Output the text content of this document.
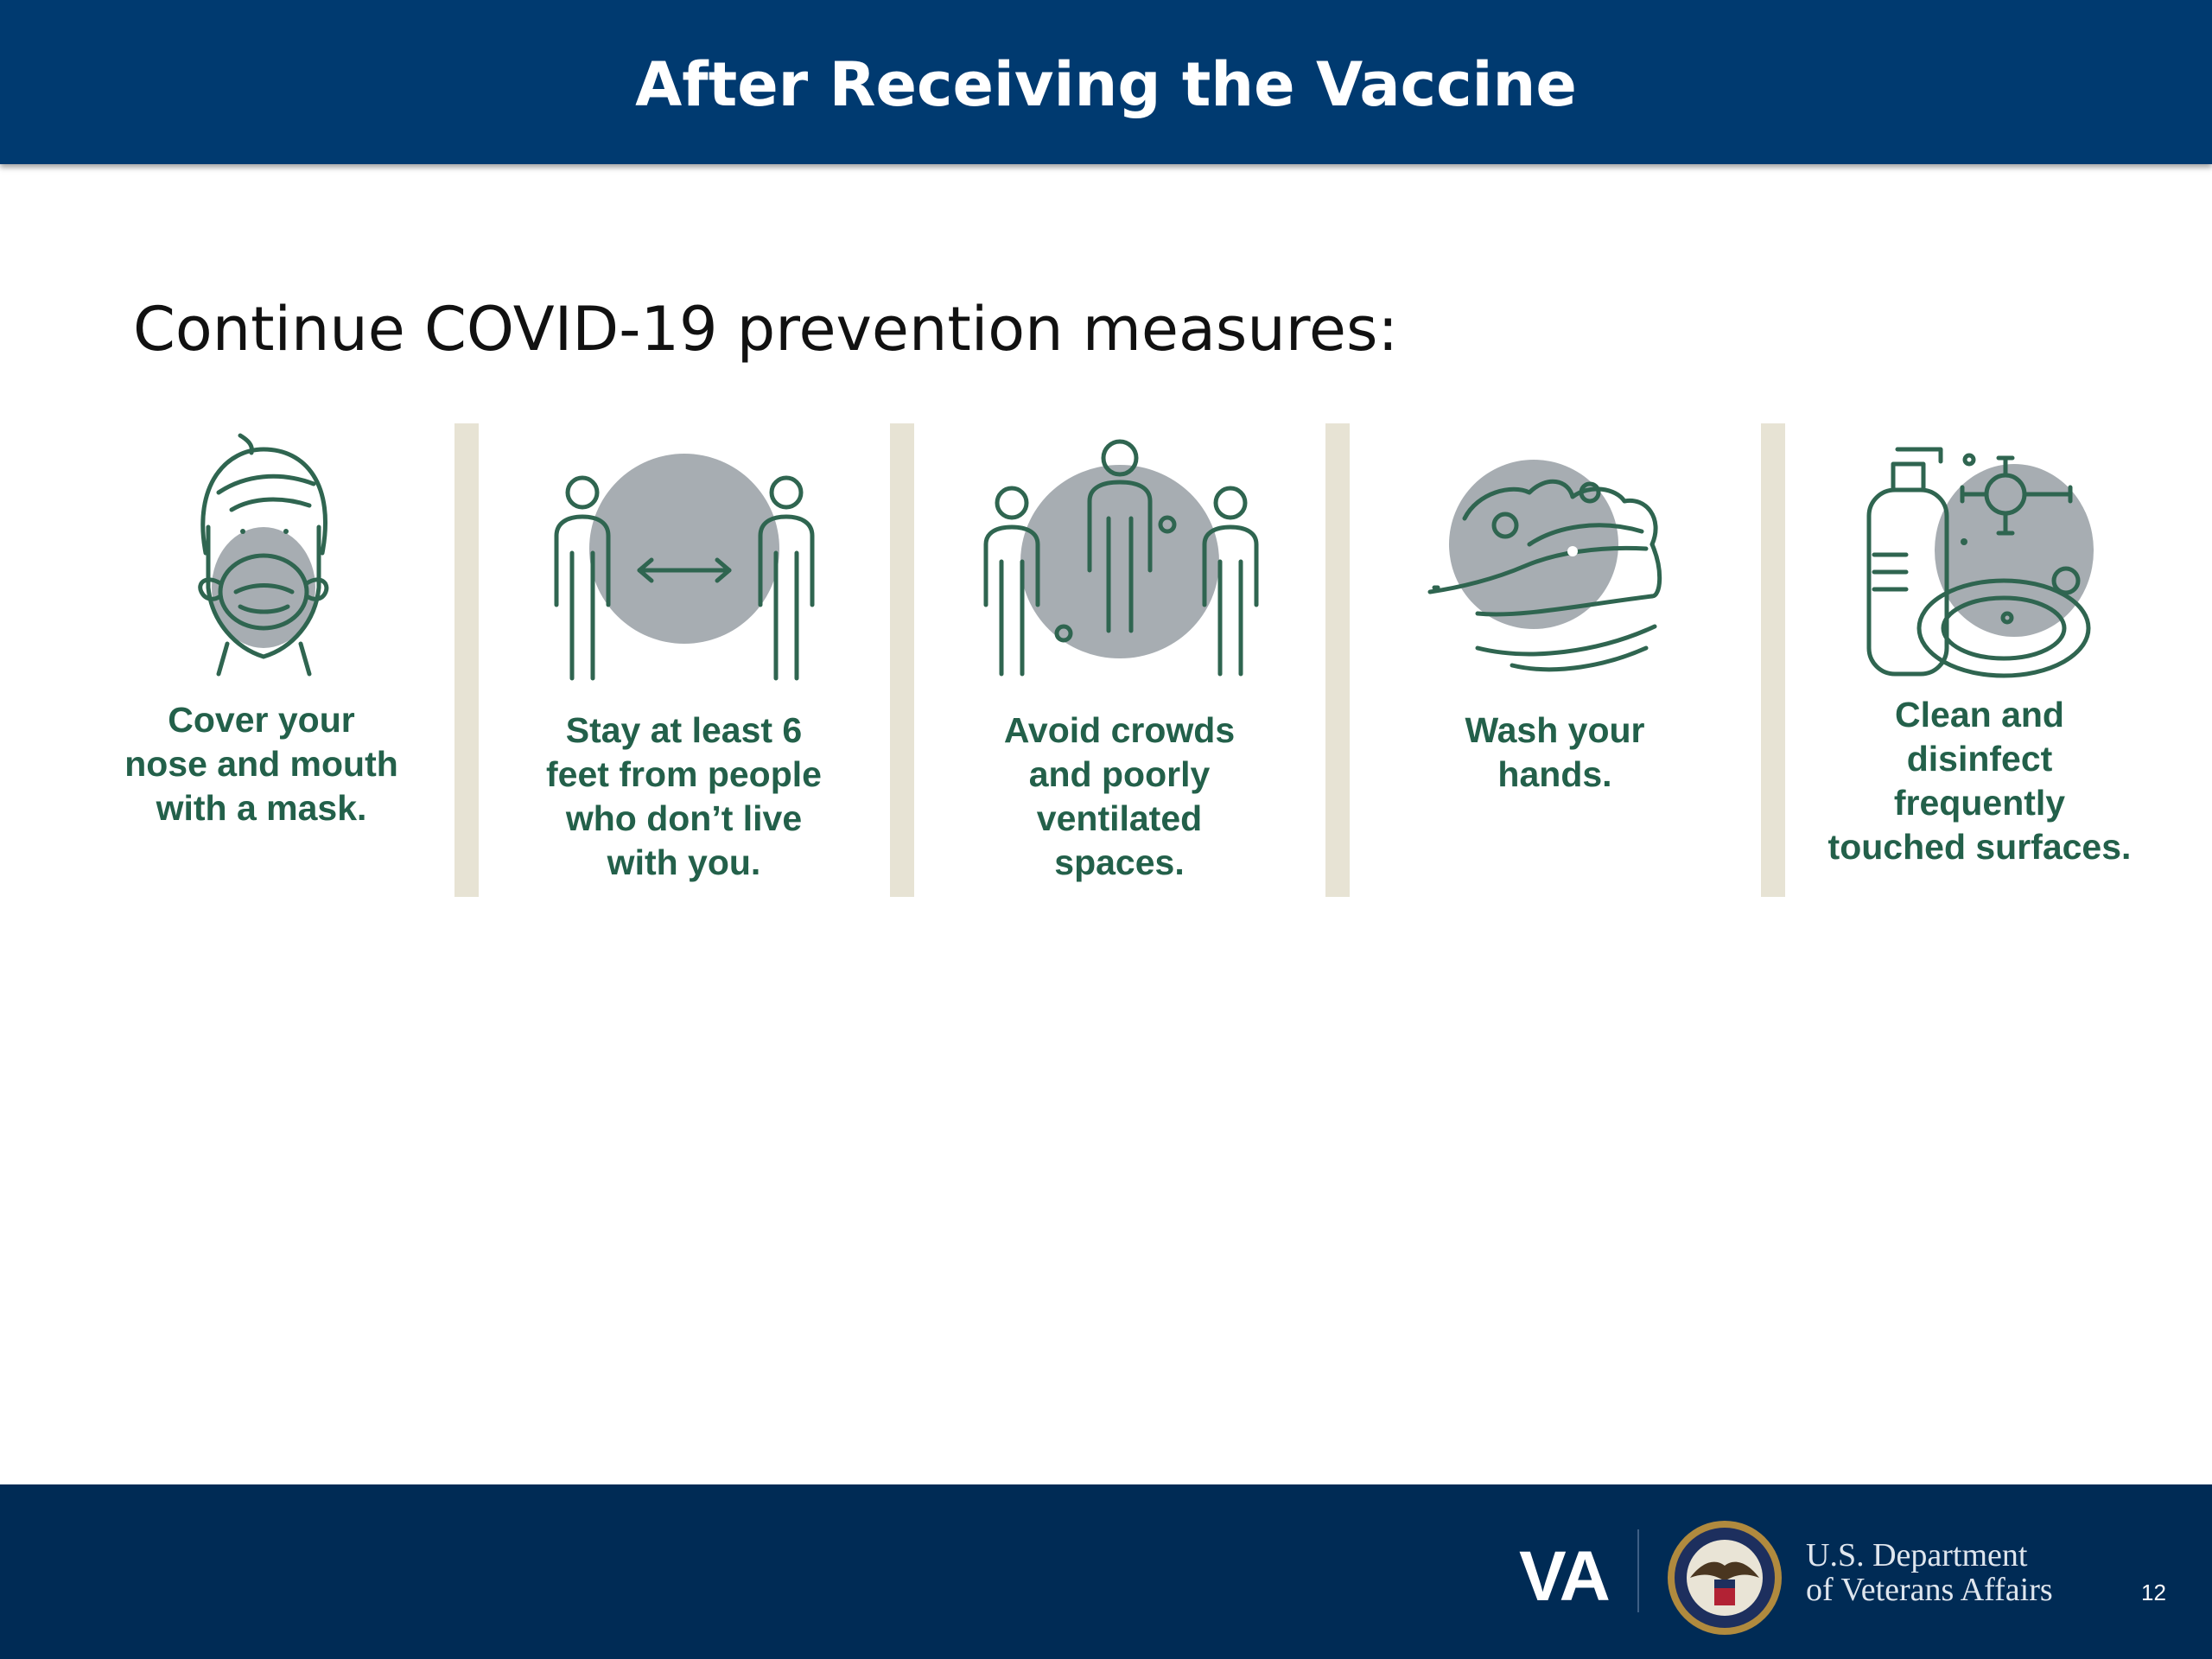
After Receiving the Vaccine
Continue COVID-19 prevention measures:
Cover your
nose and mouth
with a mask.
Stay at least 6
feet from people
who don’t live
with you.
Avoid crowds
and poorly
ventilated
spaces.
Wash your
hands.
Clean and
disinfect
frequently
touched surfaces.
VA	U.S. Department
of Veterans Affairs	12
